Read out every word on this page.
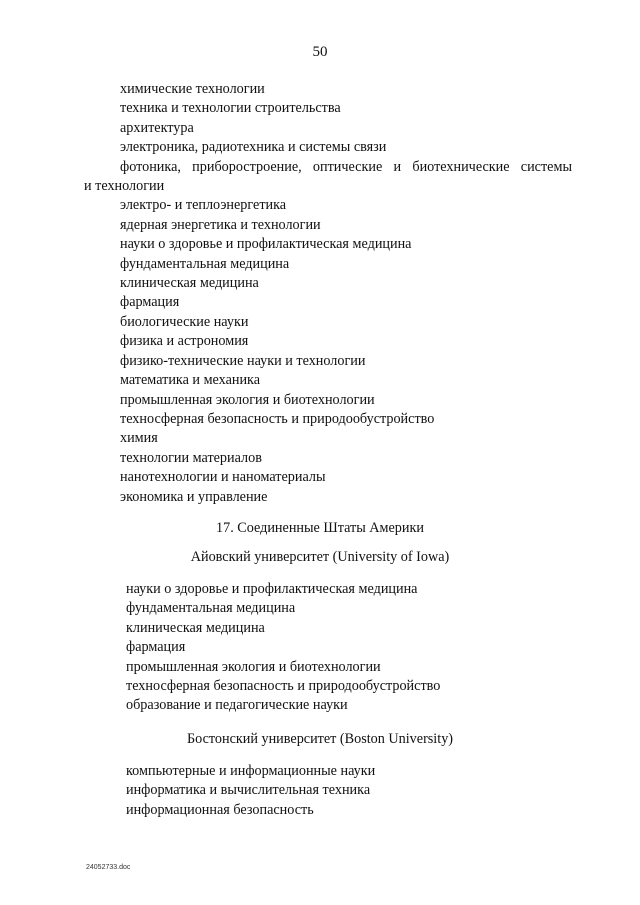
50
химические технологии
техника и технологии строительства
архитектура
электроника, радиотехника и системы связи
фотоника, приборостроение, оптические и биотехнические системы
и технологии
электро- и теплоэнергетика
ядерная энергетика и технологии
науки о здоровье и профилактическая медицина
фундаментальная медицина
клиническая медицина
фармация
биологические науки
физика и астрономия
физико-технические науки и технологии
математика и механика
промышленная экология и биотехнологии
техносферная безопасность и природообустройство
химия
технологии материалов
нанотехнологии и наноматериалы
экономика и управление
17. Соединенные Штаты Америки
Айовский университет (University of Iowa)
науки о здоровье и профилактическая медицина
фундаментальная медицина
клиническая медицина
фармация
промышленная экология и биотехнологии
техносферная безопасность и природообустройство
образование и педагогические науки
Бостонский университет (Boston University)
компьютерные и информационные науки
информатика и вычислительная техника
информационная безопасность
24052733.doc
